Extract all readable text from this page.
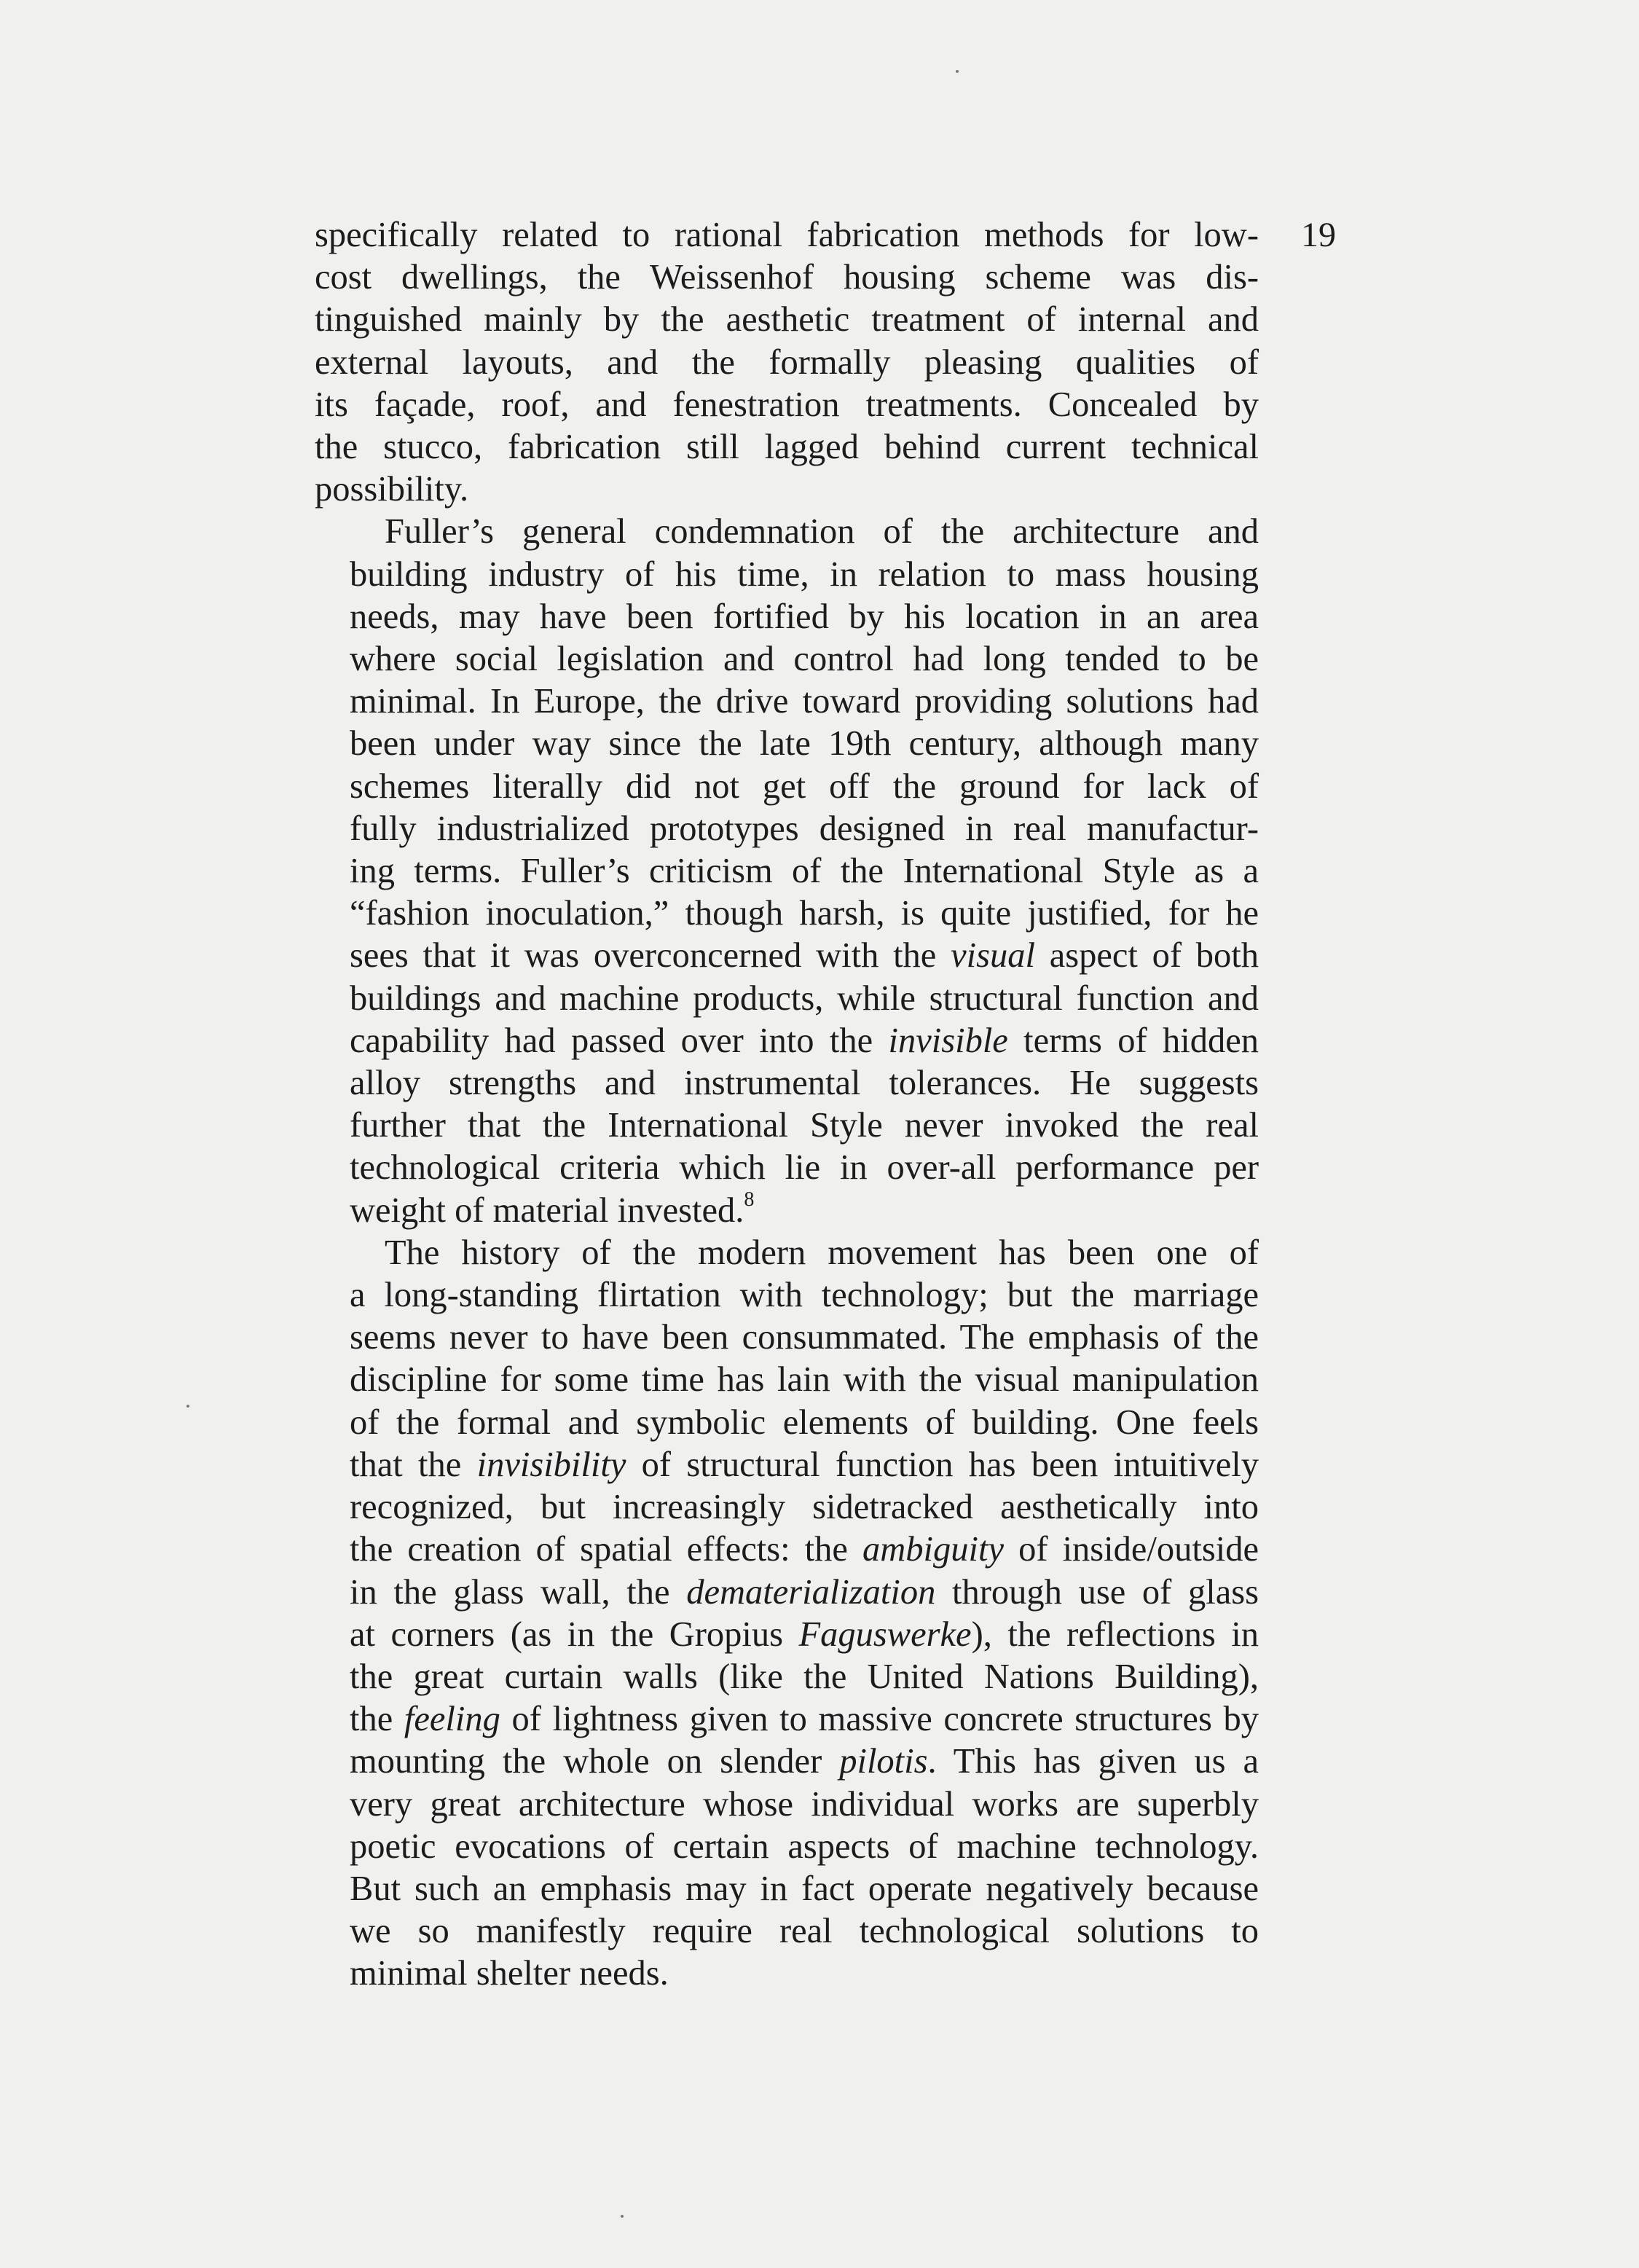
19

specifically related to rational fabrication methods for low-
cost dwellings, the Weissenhof housing scheme was dis-
tinguished mainly by the aesthetic treatment of internal and
external layouts, and the formally pleasing qualities of
its façade, roof, and fenestration treatments. Concealed by
the stucco, fabrication still lagged behind current technical
possibility.

Fuller’s general condemnation of the architecture and
building industry of his time, in relation to mass housing
needs, may have been fortified by his location in an area
where social legislation and control had long tended to be
minimal. In Europe, the drive toward providing solutions had
been under way since the late 19th century, although many
schemes literally did not get off the ground for lack of
fully industrialized prototypes designed in real manufactur-
ing terms. Fuller’s criticism of the International Style as a
“fashion inoculation,” though harsh, is quite justified, for he
sees that it was overconcerned with the visual aspect of both
buildings and machine products, while structural function and
capability had passed over into the invisible terms of hidden
alloy strengths and instrumental tolerances. He suggests
further that the International Style never invoked the real
technological criteria which lie in over-all performance per
weight of material invested.$^8$

The history of the modern movement has been one of
a long-standing flirtation with technology; but the marriage
seems never to have been consummated. The emphasis of the
discipline for some time has lain with the visual manipulation
of the formal and symbolic elements of building. One feels
that the invisibility of structural function has been intuitively
recognized, but increasingly sidetracked aesthetically into
the creation of spatial effects: the ambiguity of inside/outside
in the glass wall, the dematerialization through use of glass
at corners (as in the Gropius Faguswerke), the reflections in
the great curtain walls (like the United Nations Building),
the feeling of lightness given to massive concrete structures by
mounting the whole on slender pilotis. This has given us a
very great architecture whose individual works are superbly
poetic evocations of certain aspects of machine technology.
But such an emphasis may in fact operate negatively because
we so manifestly require real technological solutions to
minimal shelter needs.
